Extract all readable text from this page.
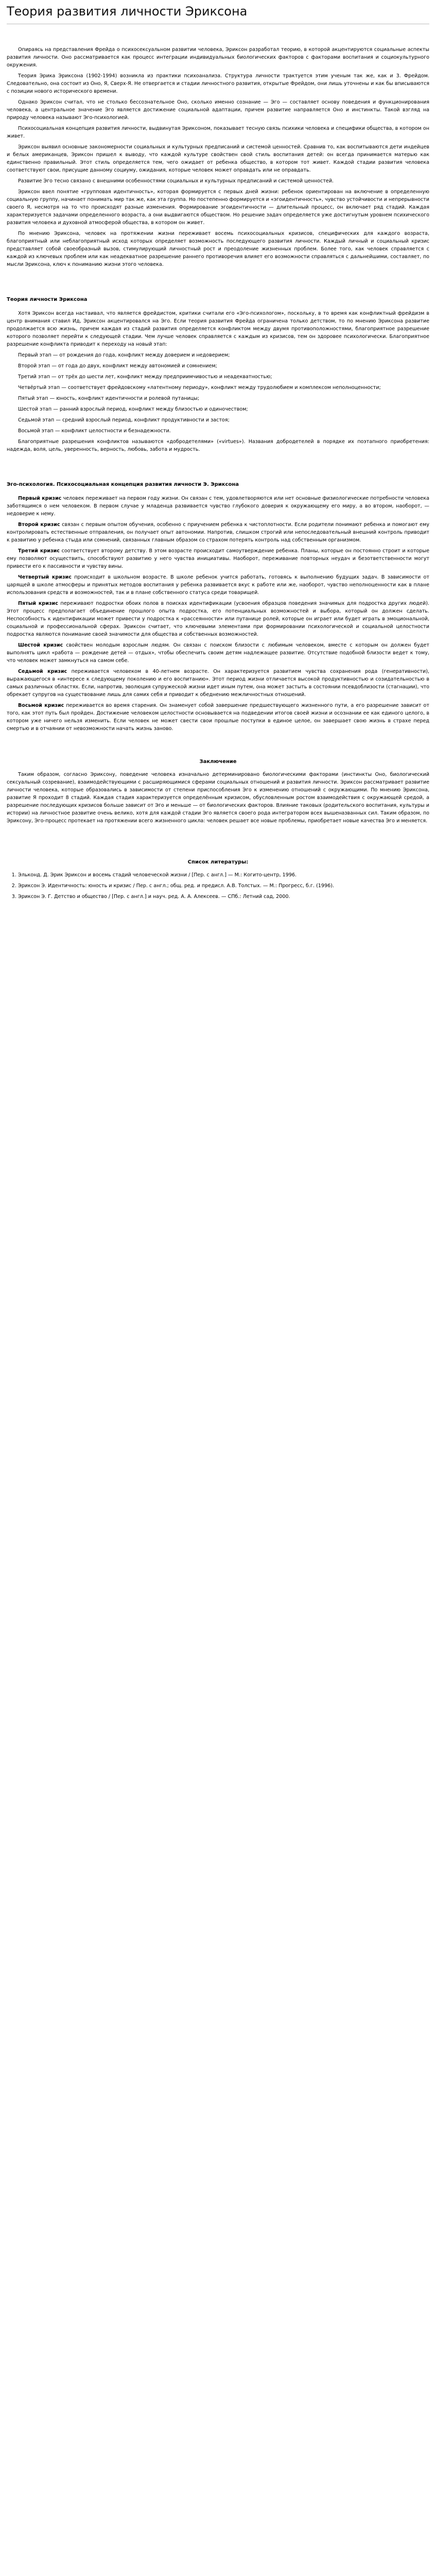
Теория развития личности Эриксона

Опираясь на представления Фрейда о психосексуальном развитии человека, Эриксон разработал теорию, в которой акцентируются социальные аспекты развития личности. Оно рассматривается как процесс интеграции индивидуальных биологических факторов с факторами воспитания и социокультурного окружения.

Теория Эрика Эриксона (1902-1994) возникла из практики психоанализа. Структура личности трактуется этим ученым так же, как и 3. Фрейдом. Следовательно, она состоит из Оно, Я, Сверх-Я. Не отвергается и стадии личностного развития, открытые Фрейдом, они лишь уточнены и как бы вписываются с позиции нового исторического времени.

Однако Эриксон считал, что не столько бессознательное Оно, сколько именно сознание — Эго — составляет основу поведения и функционирования человека, а центральное значение Эго является достижение социальной адаптации, причем развитие направляется Оно и инстинкты. Такой взгляд на природу человека называют Эго-психологией.

Психосоциальная концепция развития личности, выдвинутая Эриксоном, показывает тесную связь психики человека и специфики общества, в котором он живет.

Эриксон выявил основные закономерности социальных и культурных предписаний и системой ценностей. Сравнив то, как воспитываются дети индейцев и белых американцев, Эриксон пришел к выводу, что каждой культуре свойствен свой стиль воспитания детей: он всегда принимается матерью как единственно правильный. Этот стиль определяется тем, чего ожидает от ребенка общество, в котором тот живет. Каждой стадии развития человека соответствуют свои, присущие данному социуму, ожидания, которые человек может оправдать или не оправдать.

Развитие Эго тесно связано с внешними особенностями социальных и культурных предписаний и системой ценностей.

Эриксон ввел понятие «групповая идентичность», которая формируется с первых дней жизни: ребенок ориентирован на включение в определенную социальную группу, начинает понимать мир так же, как эта группа. Но постепенно формируется и «эгоидентичность», чувство устойчивости и непрерывности своего Я, несмотря на то что происходят разные изменения. Формирование эгоидентичности — длительный процесс, он включает ряд стадий. Каждая характеризуется задачами определенного возраста, а они выдвигаются обществом. Но решение задач определяется уже достигнутым уровнем психического развития человека и духовной атмосферой общества, в котором он живет.

По мнению Эриксона, человек на протяжении жизни переживает восемь психосоциальных кризисов, специфических для каждого возраста, благоприятный или неблагоприятный исход которых определяет возможность последующего развития личности. Каждый личный и социальный кризис представляет собой своеобразный вызов, стимулирующий личностный рост и преодоление жизненных проблем. Более того, как человек справляется с каждой из ключевых проблем или как неадекватное разрешение раннего противоречия влияет его возможности справляться с дальнейшими, составляет, по мысли Эриксона, ключ к пониманию жизни этого человека.

Теория личности Эриксона

Хотя Эриксон всегда настаивал, что является фрейдистом, критики считали его «Эго-психологом», поскольку, в то время как конфликтный фрейдизм в центр внимания ставил Ид, Эриксон акцентировался на Эго. Если теория развития Фрейда ограничена только детством, то по мнению Эриксона развитие продолжается всю жизнь, причем каждая из стадий развития определяется конфликтом между двумя противоположностями, благоприятное разрешение которого позволяет перейти к следующей стадии. Чем лучше человек справляется с каждым из кризисов, тем он здоровее психологически. Благоприятное разрешение конфликта приводит к переходу на новый этап:

Первый этап — от рождения до года, конфликт между доверием и недоверием;

Второй этап — от года до двух, конфликт между автономией и сомнением;

Третий этап — от трёх до шести лет, конфликт между предприимчивостью и неадекватностью;

Четвёртый этап — соответствует фрейдовскому «латентному периоду», конфликт между трудолюбием и комплексом неполноценности;

Пятый этап — юность, конфликт идентичности и ролевой путаницы;

Шестой этап — ранний взрослый период, конфликт между близостью и одиночеством;

Седьмой этап — средний взрослый период, конфликт продуктивности и застоя;

Восьмой этап — конфликт целостности и безнадежности.

Благоприятные разрешения конфликтов называются «добродетелями» («virtues»). Названия добродетелей в порядке их поэтапного приобретения: надежда, воля, цель, уверенность, верность, любовь, забота и мудрость.

Эго-психология. Психосоциальная концепция развития личности Э. Эриксона

Первый кризис человек переживает на первом году жизни. Он связан с тем, удовлетворяются или нет основные физиологические потребности человека заботящимся о нем человеком. В первом случае у младенца развивается чувство глубокого доверия к окружающему его миру, а во втором, наоборот, — недоверие к нему.

Второй кризис связан с первым опытом обучения, особенно с приучением ребенка к чистоплотности. Если родители понимают ребенка и помогают ему контролировать естественные отправления, он получает опыт автономии. Напротив, слишком строгий или непоследовательный внешний контроль приводит к развитию у ребенка стыда или сомнений, связанных главным образом со страхом потерять контроль над собственным организмом.

Третий кризис соответствует второму детству. В этом возрасте происходит самоутверждение ребенка. Планы, которые он постоянно строит и которые ему позволяют осуществить, способствуют развитию у него чувства инициативы. Наоборот, переживание повторных неудач и безответственности могут привести его к пассивности и чувству вины.

Четвертый кризис происходит в школьном возрасте. В школе ребенок учится работать, готовясь к выполнению будущих задач. В зависимости от царящей в школе атмосферы и принятых методов воспитания у ребенка развивается вкус к работе или же, наоборот, чувство неполноценности как в плане использования средств и возможностей, так и в плане собственного статуса среди товарищей.

Пятый кризис переживают подростки обоих полов в поисках идентификации (усвоения образцов поведения значимых для подростка других людей). Этот процесс предполагает объединение прошлого опыта подростка, его потенциальных возможностей и выбора, который он должен сделать. Неспособность к идентификации может привести у подростка к «рассеянности» или путанице ролей, которые он играет или будет играть в эмоциональной, социальной и профессиональной сферах. Эриксон считает, что ключевыми элементами при формировании психологической и социальной целостности подростка являются понимание своей значимости для общества и собственных возможностей.

Шестой кризис свойствен молодым взрослым людям. Он связан с поиском близости с любимым человеком, вместе с которым он должен будет выполнять цикл «работа — рождение детей — отдых», чтобы обеспечить своим детям надлежащее развитие. Отсутствие подобной близости ведет к тому, что человек может замкнуться на самом себе.

Седьмой кризис переживается человеком в 40-летнем возрасте. Он характеризуется развитием чувства сохранения рода (генеративности), выражающегося в «интересе к следующему поколению и его воспитанию». Этот период жизни отличается высокой продуктивностью и созидательностью в самых различных областях. Если, напротив, эволюция супружеской жизни идет иным путем, она может застыть в состоянии псевдоблизости (стагнации), что обрекает супругов на существование лишь для самих себя и приводит к обеднению межличностных отношений.

Восьмой кризис переживается во время старения. Он знаменует собой завершение предшествующего жизненного пути, а его разрешение зависит от того, как этот путь был пройден. Достижение человеком целостности основывается на подведении итогов своей жизни и осознании ее как единого целого, в котором уже ничего нельзя изменить. Если человек не может свести свои прошлые поступки в единое целое, он завершает свою жизнь в страхе перед смертью и в отчаянии от невозможности начать жизнь заново.

Заключение

Таким образом, согласно Эриксону, поведение человека изначально детерминировано биологическими факторами (инстинкты Оно, биологический сексуальный созревание), взаимодействующими с расширяющимися сферами социальных отношений и развития личности. Эриксон рассматривает развитие личности человека, которые образовались в зависимости от степени приспособления Эго к изменению отношений с окружающими. По мнению Эриксона, развитие Я проходит 8 стадий. Каждая стадия характеризуется определённым кризисом, обусловленным ростом взаимодействия с окружающей средой, а разрешение последующих кризисов больше зависит от Эго и меньше — от биологических факторов. Влияние таковых (родительского воспитания, культуры и истории) на личностное развитие очень велико, хотя для каждой стадии Эго является своего рода интегратором всех вышеназванных сил. Таким образом, по Эриксону, Эго-процесс протекает на протяжении всего жизненного цикла: человек решает все новые проблемы, приобретает новые качества Эго и меняется.

Список литературы:
1. Эльконд. Д. Эрик Эриксон и восемь стадий человеческой жизни / [Пер. с англ.] — М.: Когито-центр, 1996.
2. Эриксон Э. Идентичность: юность и кризис / Пер. с англ.; общ. ред. и предисл. А.В. Толстых. — М.: Прогресс, б.г. (1996).
3. Эриксон Э. Г. Детство и общество / [Пер. с англ.] и науч. ред. А. А. Алексеев. — СПб.: Летний сад, 2000.
